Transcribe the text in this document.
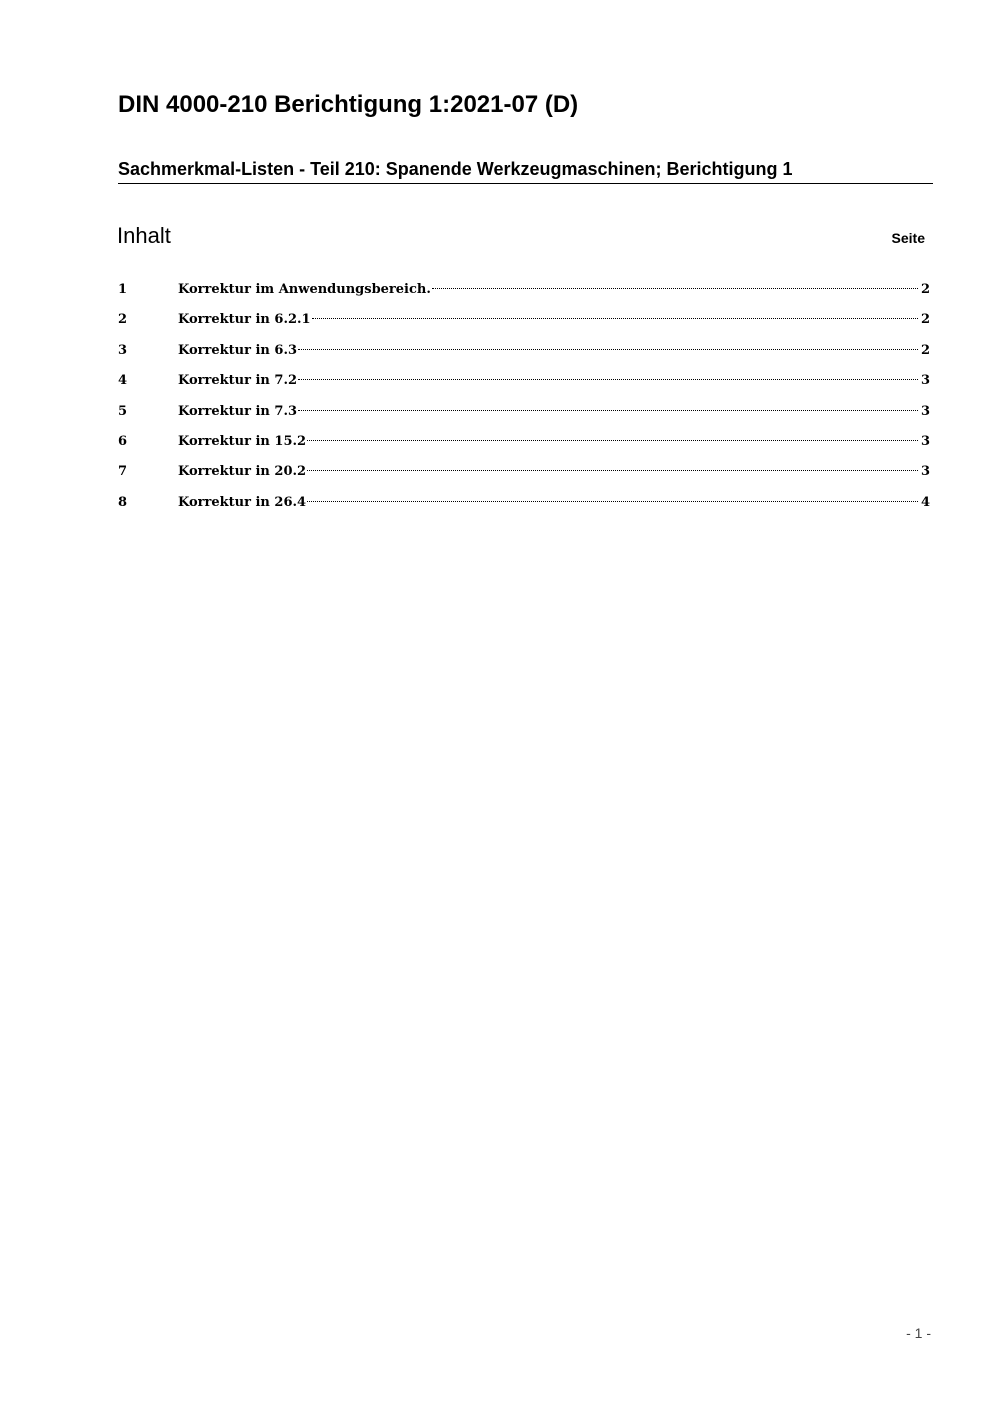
DIN 4000-210 Berichtigung 1:2021-07 (D)
Sachmerkmal-Listen - Teil 210: Spanende Werkzeugmaschinen; Berichtigung 1
Inhalt	Seite
1	Korrektur im Anwendungsbereich.	2
2	Korrektur in 6.2.1	2
3	Korrektur in 6.3	2
4	Korrektur in 7.2	3
5	Korrektur in 7.3	3
6	Korrektur in 15.2	3
7	Korrektur in 20.2	3
8	Korrektur in 26.4	4
- 1 -
